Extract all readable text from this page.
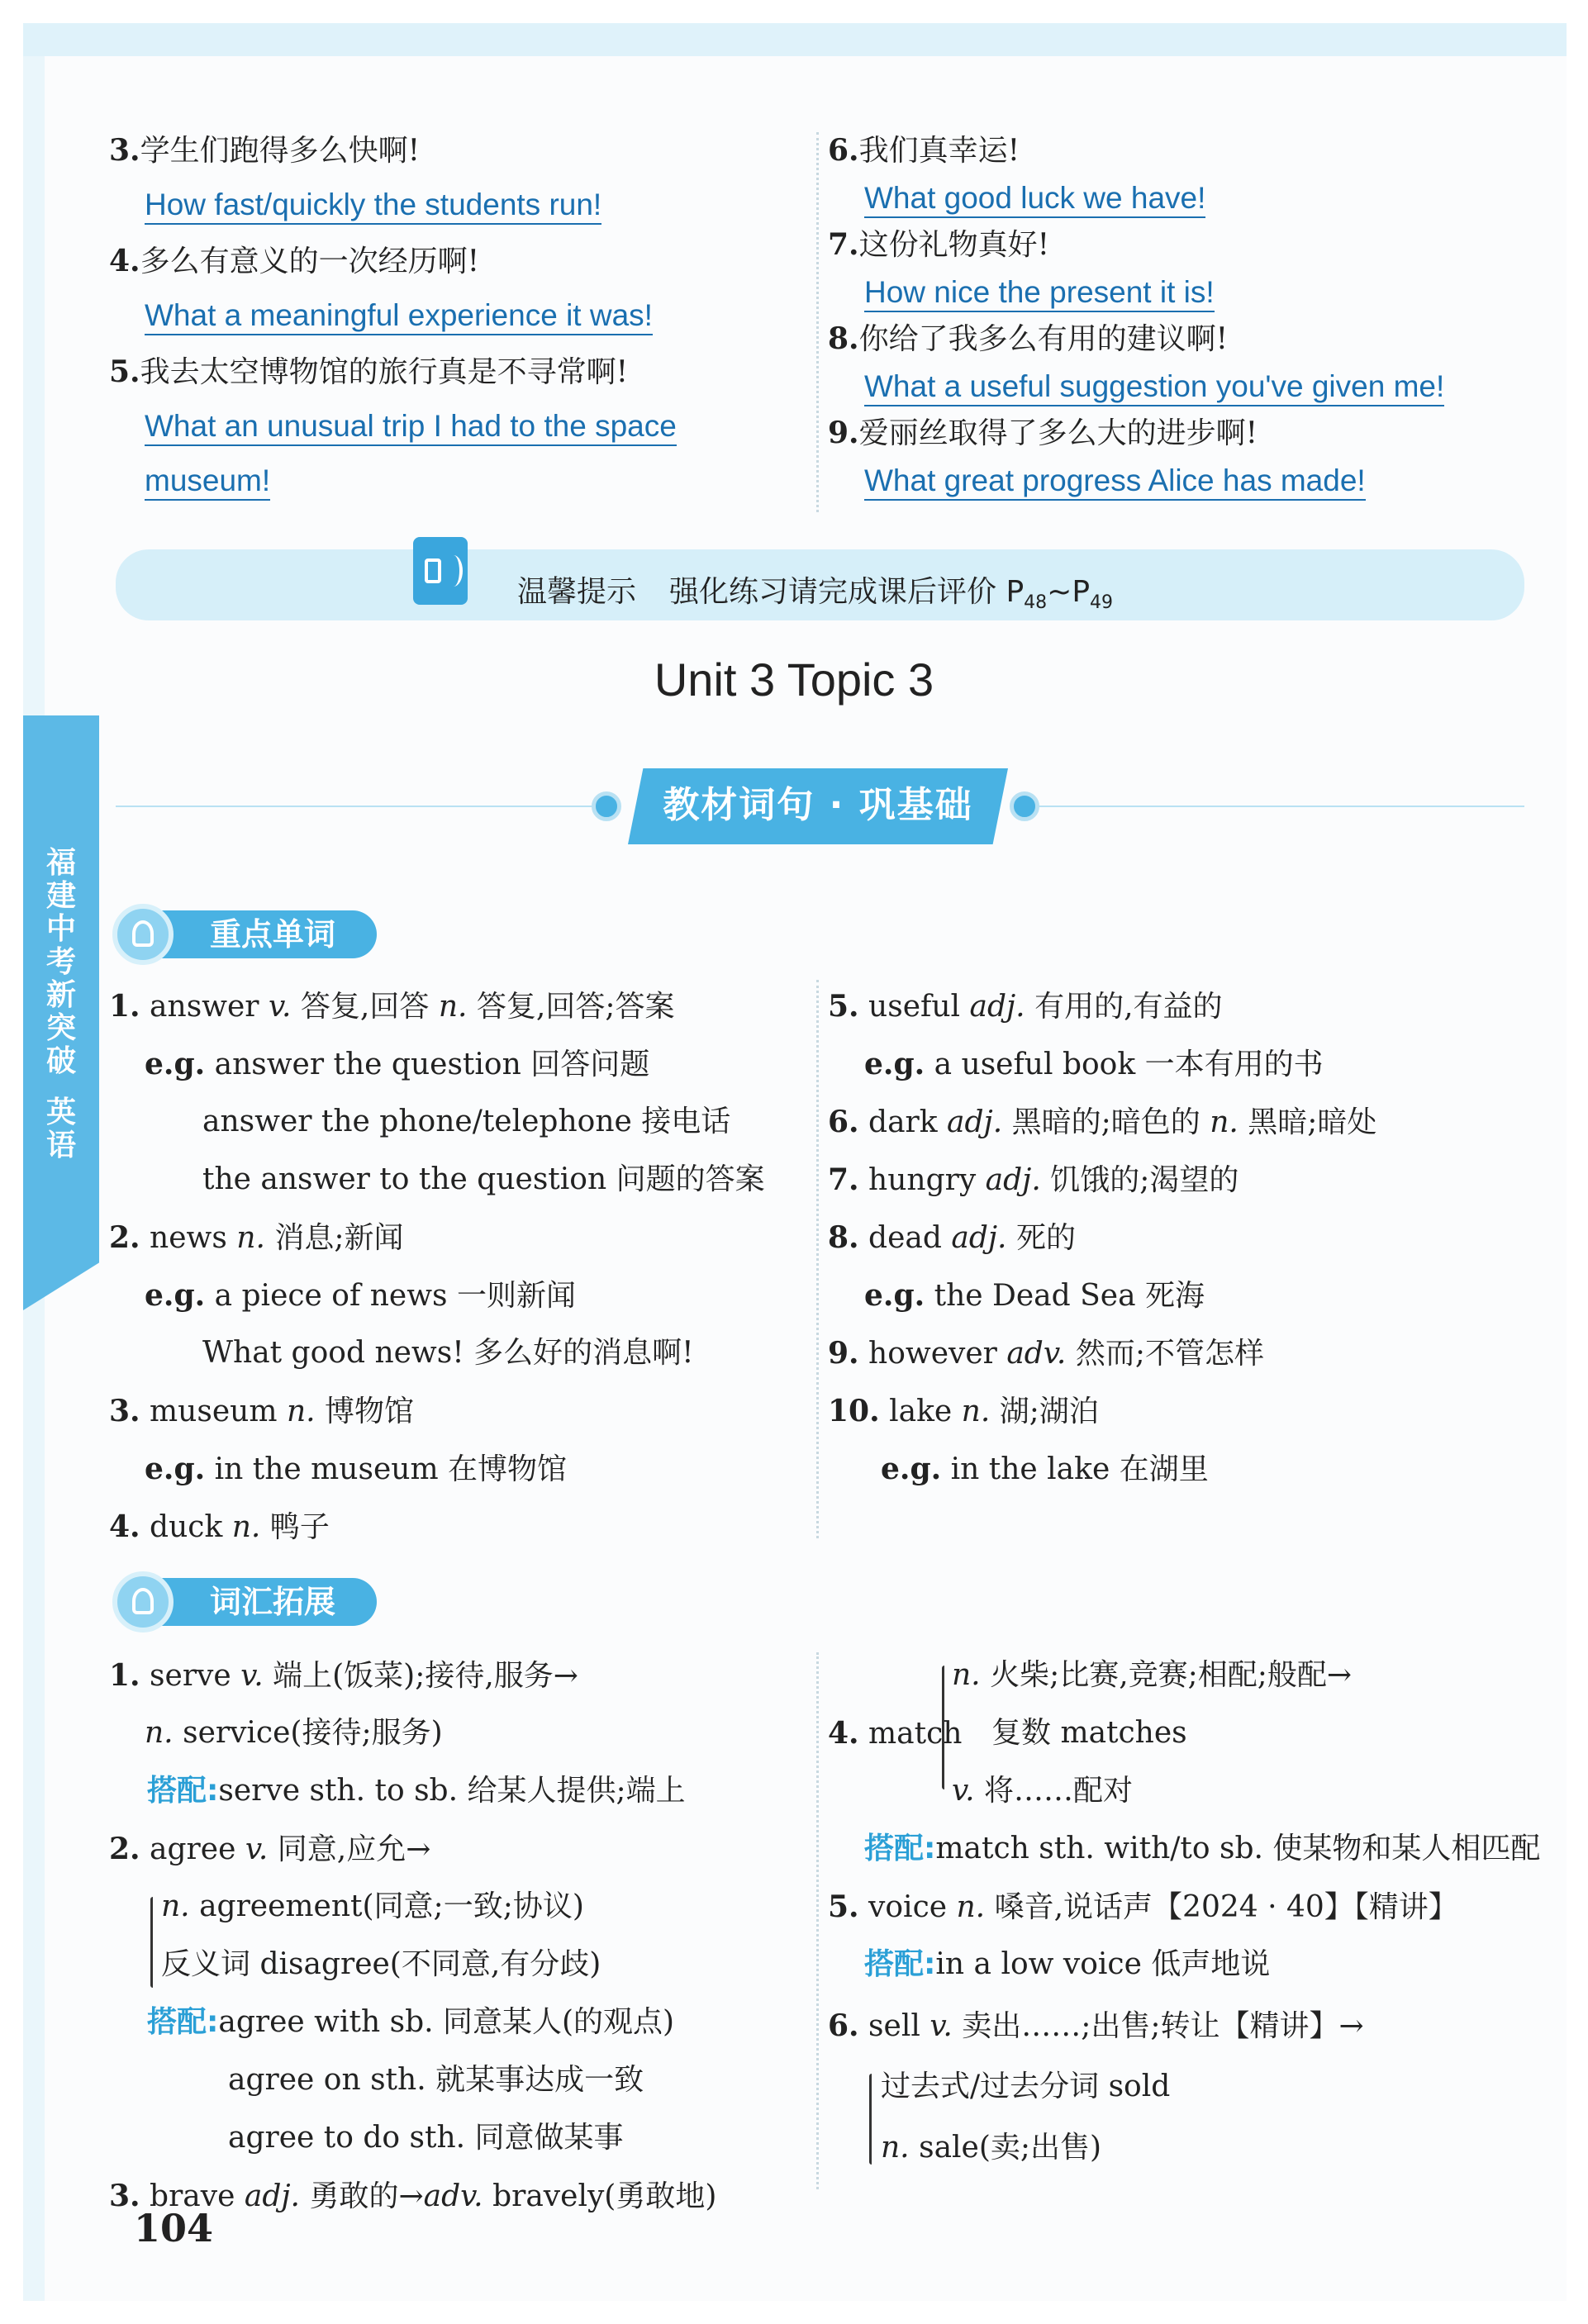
福建中考新突破
英语
3.学生们跑得多么快啊!
How fast/quickly the students run!
4.多么有意义的一次经历啊!
What a meaningful experience it was!
5.我去太空博物馆的旅行真是不寻常啊!
What an unusual trip I had to the space
museum!
6.我们真幸运!
What good luck we have!
7.这份礼物真好!
How nice the present it is!
8.你给了我多么有用的建议啊!
What a useful suggestion you've given me!
9.爱丽丝取得了多么大的进步啊!
What great progress Alice has made!
温馨提示 强化练习请完成课后评价 $P_{48}\sim P_{49}$
Unit 3 Topic 3
教材词句 · 巩基础
重点单词
1. answer v. 答复,回答 n. 答复,回答;答案
e.g. answer the question 回答问题
answer the phone/telephone 接电话
the answer to the question 问题的答案
2. news n. 消息;新闻
e.g. a piece of news 一则新闻
What good news! 多么好的消息啊!
3. museum n. 博物馆
e.g. in the museum 在博物馆
4. duck n. 鸭子
5. useful adj. 有用的,有益的
e.g. a useful book 一本有用的书
6. dark adj. 黑暗的;暗色的 n. 黑暗;暗处
7. hungry adj. 饥饿的;渴望的
8. dead adj. 死的
e.g. the Dead Sea 死海
9. however adv. 然而;不管怎样
10. lake n. 湖;湖泊
e.g. in the lake 在湖里
词汇拓展
1. serve v. 端上(饭菜);接待,服务→
n. service(接待;服务)
搭配:serve sth. to sb. 给某人提供;端上
2. agree v. 同意,应允→
n. agreement(同意;一致;协议)
反义词 disagree(不同意,有分歧)
搭配:agree with sb. 同意某人(的观点)
agree on sth. 就某事达成一致
agree to do sth. 同意做某事
3. brave adj. 勇敢的→adv. bravely(勇敢地)
4. match
n. 火柴;比赛,竞赛;相配;般配→
复数 matches
v. 将……配对
搭配:match sth. with/to sb. 使某物和某人相匹配
5. voice n. 嗓音,说话声【2024 · 40】【精讲】
搭配:in a low voice 低声地说
6. sell v. 卖出……;出售;转让【精讲】→
过去式/过去分词 sold
n. sale(卖;出售)
104
